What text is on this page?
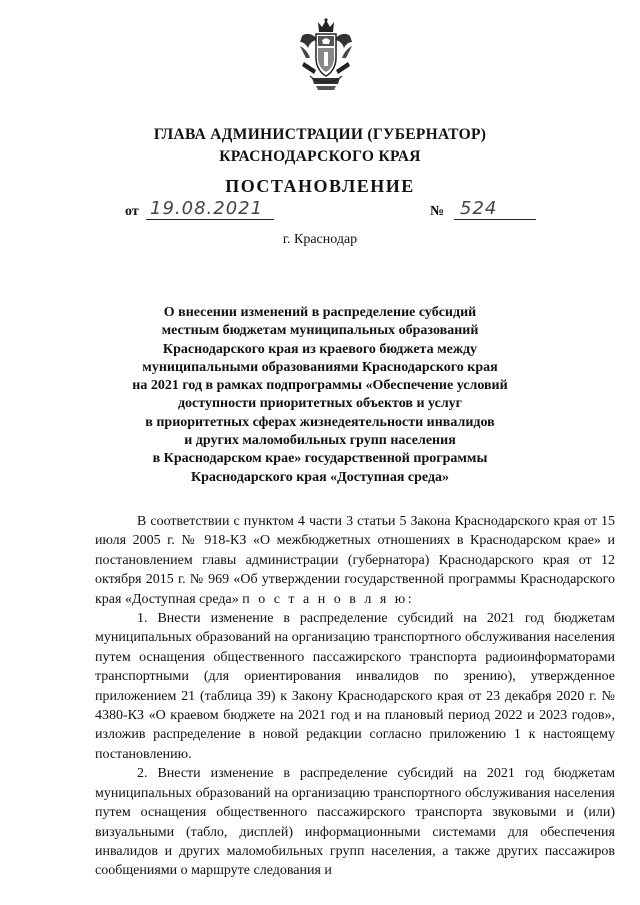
ГЛАВА АДМИНИСТРАЦИИ (ГУБЕРНАТОР)
КРАСНОДАРСКОГО КРАЯ
ПОСТАНОВЛЕНИЕ
от 19.08.2021	№ 524
г. Краснодар
О внесении изменений в распределение субсидий
местным бюджетам муниципальных образований
Краснодарского края из краевого бюджета между
муниципальными образованиями Краснодарского края
на 2021 год в рамках подпрограммы «Обеспечение условий
доступности приоритетных объектов и услуг
в приоритетных сферах жизнедеятельности инвалидов
и других маломобильных групп населения
в Краснодарском крае» государственной программы
Краснодарского края «Доступная среда»

В соответствии с пунктом 4 части 3 статьи 5 Закона Краснодарского края от 15 июля 2005 г. № 918-КЗ «О межбюджетных отношениях в Краснодарском крае» и постановлением главы администрации (губернатора) Краснодарского края от 12 октября 2015 г. № 969 «Об утверждении государственной программы Краснодарского края «Доступная среда» п о с т а н о в л я ю:

1. Внести изменение в распределение субсидий на 2021 год бюджетам муниципальных образований на организацию транспортного обслуживания населения путем оснащения общественного пассажирского транспорта радиоинформаторами транспортными (для ориентирования инвалидов по зрению), утвержденное приложением 21 (таблица 39) к Закону Краснодарского края от 23 декабря 2020 г. № 4380-КЗ «О краевом бюджете на 2021 год и на плановый период 2022 и 2023 годов», изложив распределение в новой редакции согласно приложению 1 к настоящему постановлению.

2. Внести изменение в распределение субсидий на 2021 год бюджетам муниципальных образований на организацию транспортного обслуживания населения путем оснащения общественного пассажирского транспорта звуковыми и (или) визуальными (табло, дисплей) информационными системами для обеспечения инвалидов и других маломобильных групп населения, а также других пассажиров сообщениями о маршруте следования и
